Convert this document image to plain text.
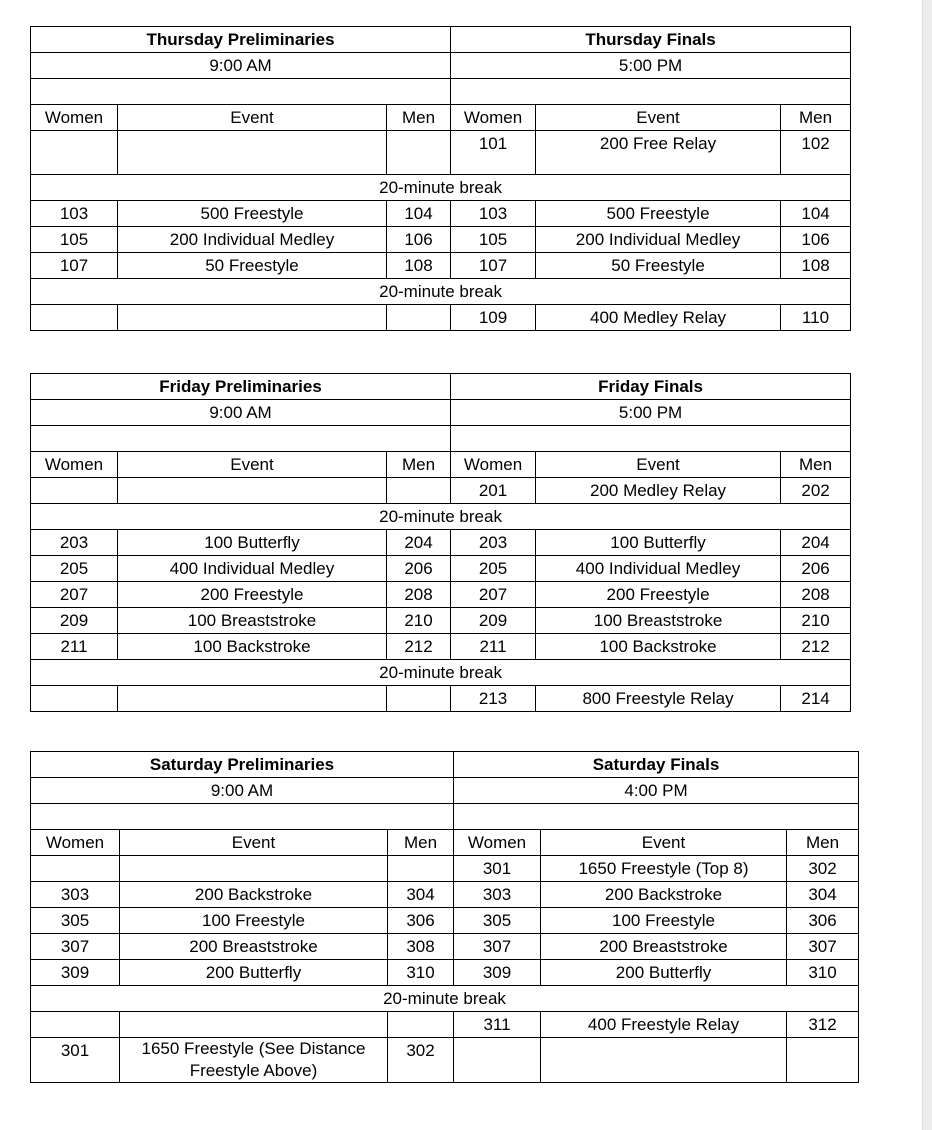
Thursday Preliminaries			Thursday Finals		
9:00 AM			5:00 PM		

Women	Event	Men	Women	Event	Men
			101	200 Free Relay	102
20-minute break					
103	500 Freestyle	104	103	500 Freestyle	104
105	200 Individual Medley	106	105	200 Individual Medley	106
107	50 Freestyle	108	107	50 Freestyle	108
20-minute break					
			109	400 Medley Relay	110
Friday Preliminaries			Friday Finals		
9:00 AM			5:00 PM		

Women	Event	Men	Women	Event	Men
			201	200 Medley Relay	202
20-minute break					
203	100 Butterfly	204	203	100 Butterfly	204
205	400 Individual Medley	206	205	400 Individual Medley	206
207	200 Freestyle	208	207	200 Freestyle	208
209	100 Breaststroke	210	209	100 Breaststroke	210
211	100 Backstroke	212	211	100 Backstroke	212
20-minute break					
			213	800 Freestyle Relay	214
Saturday Preliminaries			Saturday Finals		
9:00 AM			4:00 PM		

Women	Event	Men	Women	Event	Men
			301	1650 Freestyle (Top 8)	302
303	200 Backstroke	304	303	200 Backstroke	304
305	100 Freestyle	306	305	100 Freestyle	306
307	200 Breaststroke	308	307	200 Breaststroke	307
309	200 Butterfly	310	309	200 Butterfly	310
20-minute break					
			311	400 Freestyle Relay	312
301	1650 Freestyle (See Distance Freestyle Above)	302			
